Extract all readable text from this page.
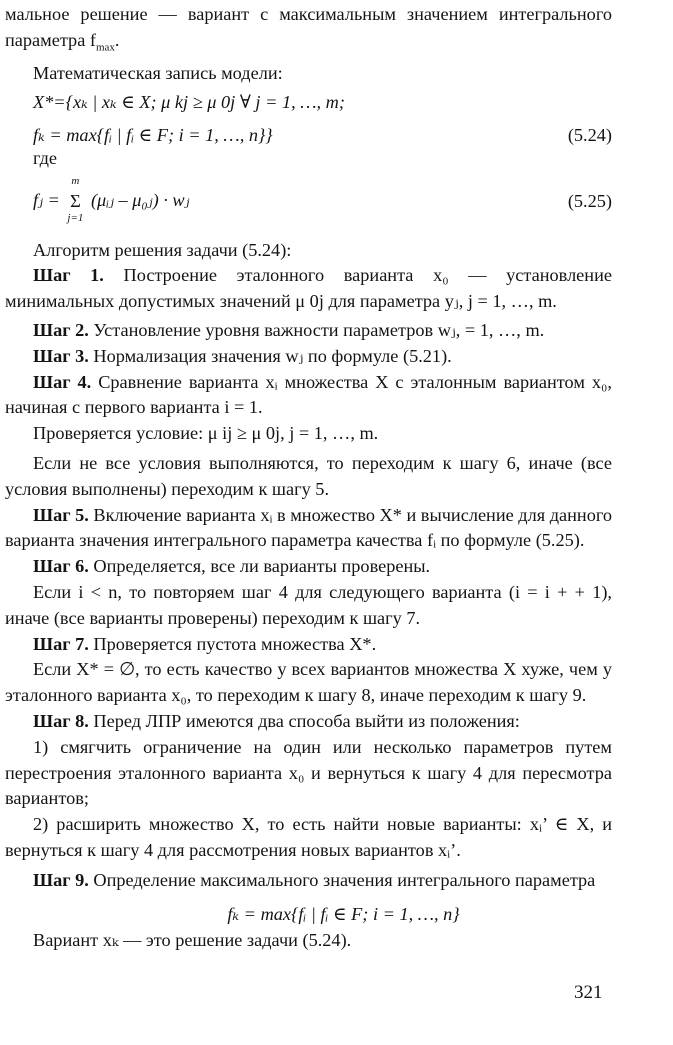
мальное решение — вариант с максимальным значением интегрального параметра $f_{max}$.

Математическая запись модели:

X*={xₖ | xₖ ∈ X; μ kj ≥ μ 0j ∀ j = 1, …, m;

fₖ = max{fᵢ | fᵢ ∈ F; i = 1, …, n}}	(5.24)

где

fⱼ =
m
Σ
j=1
(μᵢⱼ – μ₀ⱼ) · wⱼ	(5.25)

Алгоритм решения задачи (5.24):

Шаг 1. Построение эталонного варианта x₀ — установление минимальных допустимых значений μ 0j для параметра yⱼ, j = 1, …, m.

Шаг 2. Установление уровня важности параметров wⱼ, = 1, …, m.

Шаг 3. Нормализация значения wⱼ по формуле (5.21).

Шаг 4. Сравнение варианта xᵢ множества X с эталонным вариантом x₀, начиная с первого варианта i = 1.

Проверяется условие: μ ij ≥ μ 0j, j = 1, …, m.

Если не все условия выполняются, то переходим к шагу 6, иначе (все условия выполнены) переходим к шагу 5.

Шаг 5. Включение варианта xᵢ в множество X* и вычисление для данного варианта значения интегрального параметра качества fᵢ по формуле (5.25).

Шаг 6. Определяется, все ли варианты проверены.

Если i < n, то повторяем шаг 4 для следующего варианта (i = i + + 1), иначе (все варианты проверены) переходим к шагу 7.

Шаг 7. Проверяется пустота множества X*.

Если X* = ∅, то есть качество у всех вариантов множества X хуже, чем у эталонного варианта x₀, то переходим к шагу 8, иначе переходим к шагу 9.

Шаг 8. Перед ЛПР имеются два способа выйти из положения:

1) смягчить ограничение на один или несколько параметров путем перестроения эталонного варианта x₀ и вернуться к шагу 4 для пересмотра вариантов;

2) расширить множество X, то есть найти новые варианты: xᵢ’ ∈ X, и вернуться к шагу 4 для рассмотрения новых вариантов xᵢ’.

Шаг 9. Определение максимального значения интегрального параметра

fₖ = max{fᵢ | fᵢ ∈ F; i = 1, …, n}

Вариант xₖ — это решение задачи (5.24).

321
